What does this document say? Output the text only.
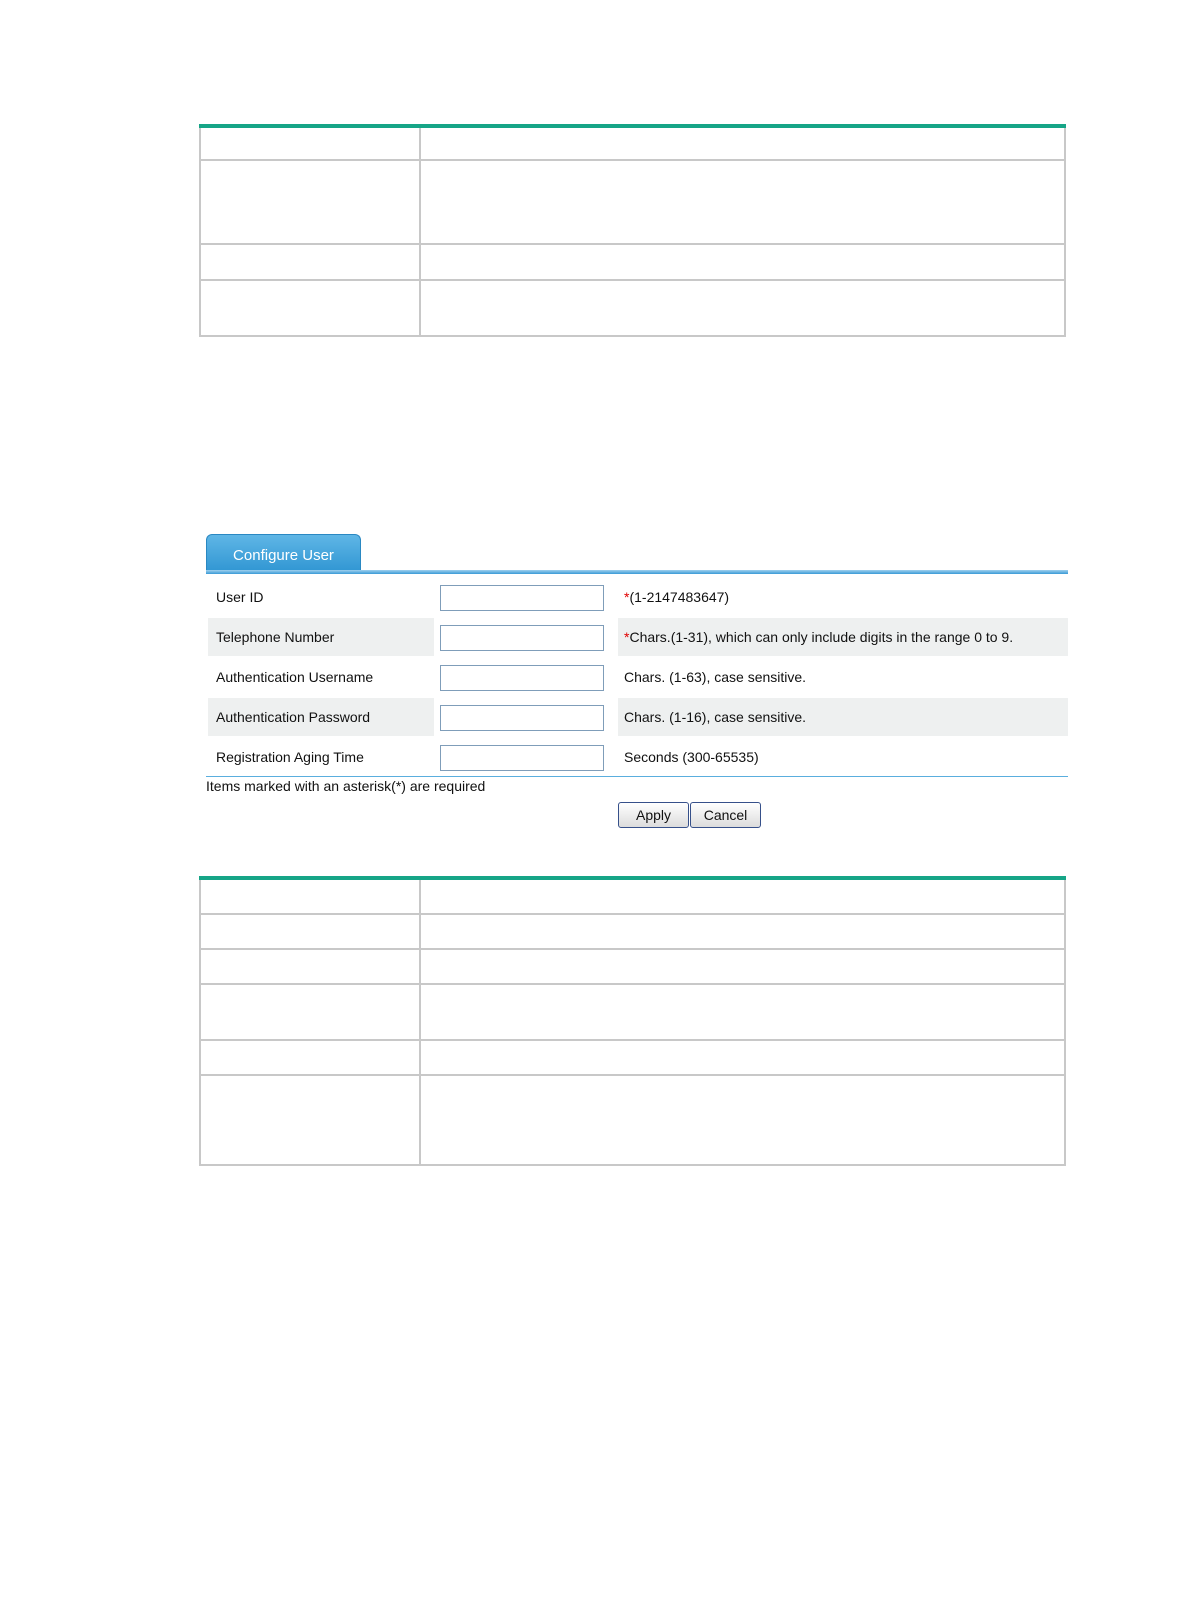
Configure User
User ID	*(1-2147483647)
Telephone Number	*Chars.(1-31), which can only include digits in the range 0 to 9.
Authentication Username	Chars. (1-63), case sensitive.
Authentication Password	Chars. (1-16), case sensitive.
Registration Aging Time	Seconds (300-65535)
Items marked with an asterisk(*) are required
Apply Cancel
